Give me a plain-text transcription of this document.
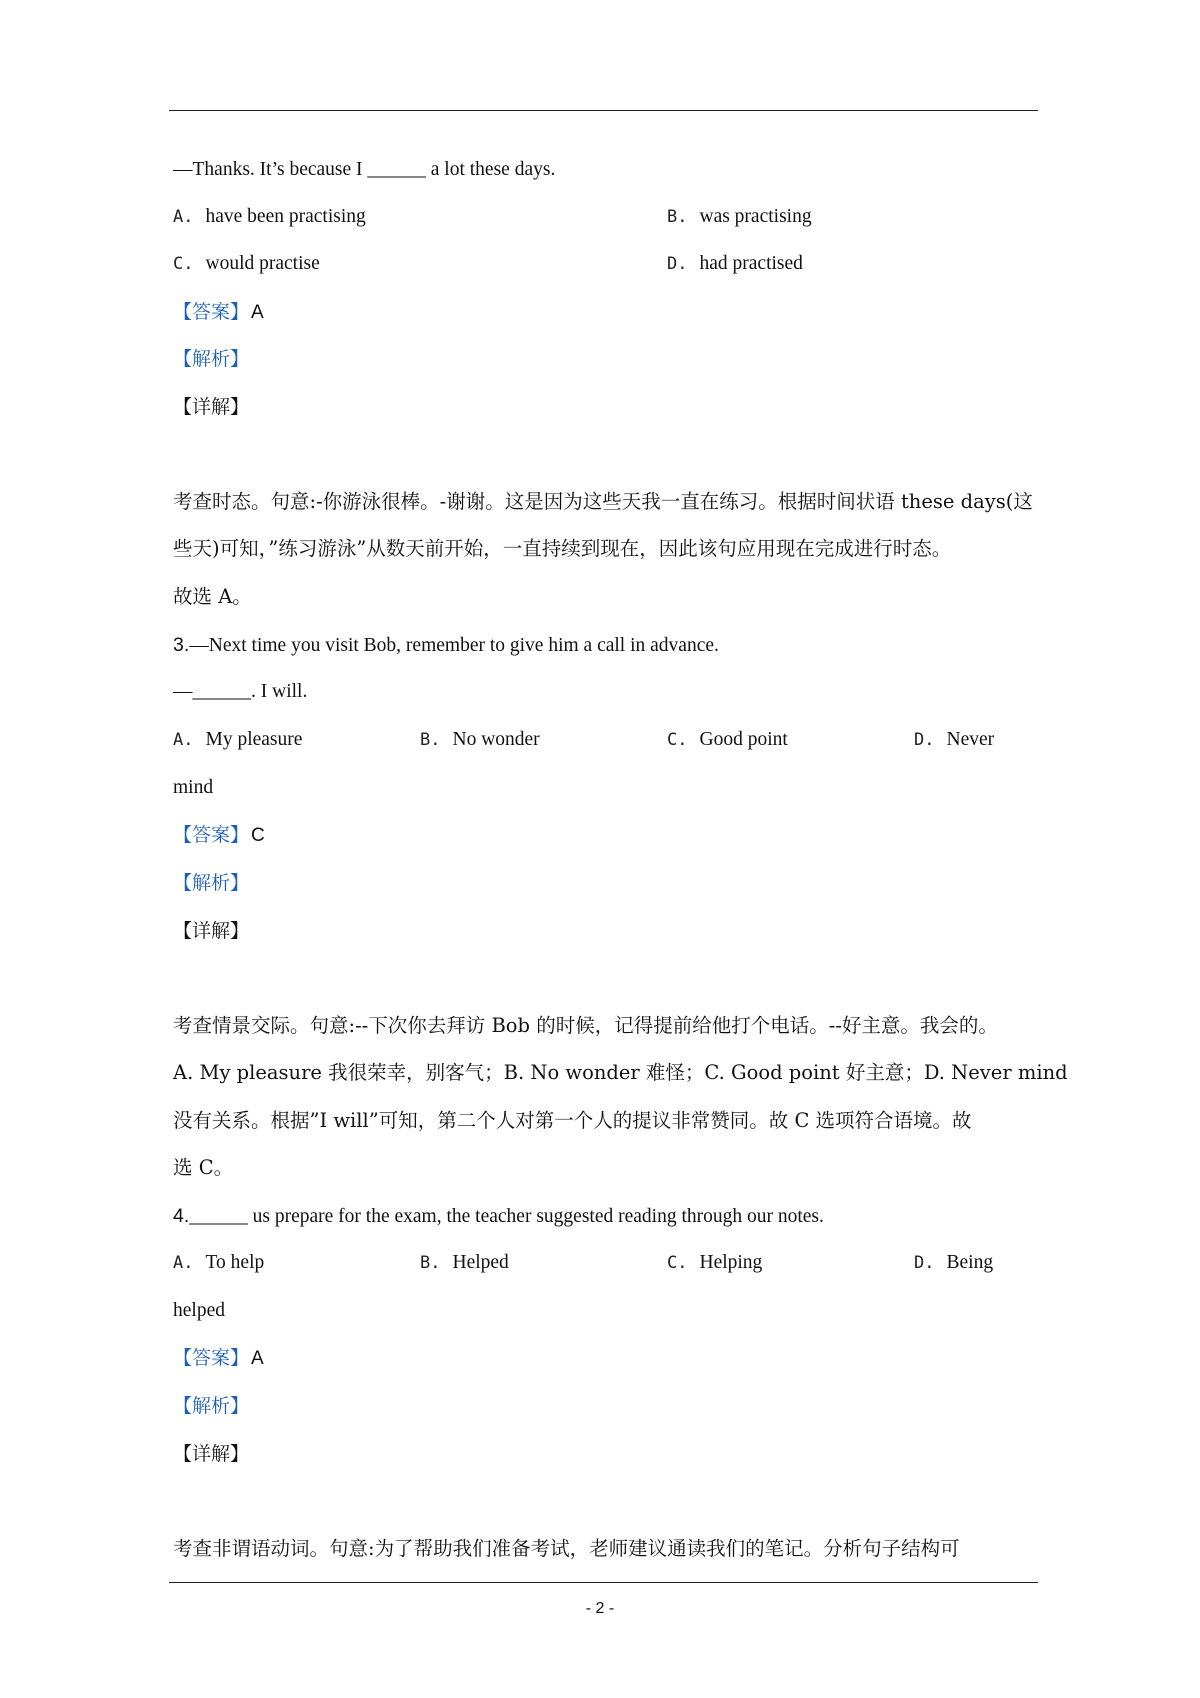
—Thanks. It’s because I ______ a lot these days.
A. have been practising	B. was practising
C. would practise	D. had practised
【答案】 A
【解析】
【详解】
考查时态。句意:-你游泳很棒。-谢谢。这是因为这些天我一直在练习。根据时间状语 these days(这
些天)可知，”练习游泳”从数天前开始，一直持续到现在，因此该句应用现在完成进行时态。
故选 A。
3.—Next time you visit Bob, remember to give him a call in advance.
—______. I will.
A. My pleasure	B. No wonder	C. Good point	D. Never
mind
【答案】 C
【解析】
【详解】
考查情景交际。句意:--下次你去拜访 Bob 的时候，记得提前给他打个电话。--好主意。我会的。
A. My pleasure 我很荣幸，别客气；B. No wonder 难怪；C. Good point 好主意；D. Never mind
没有关系。根据”I will”可知，第二个人对第一个人的提议非常赞同。故 C 选项符合语境。故
选 C。
4.______ us prepare for the exam, the teacher suggested reading through our notes.
A. To help	B. Helped	C. Helping	D. Being
helped
【答案】 A
【解析】
【详解】
考查非谓语动词。句意:为了帮助我们准备考试，老师建议通读我们的笔记。分析句子结构可
- 2 -
